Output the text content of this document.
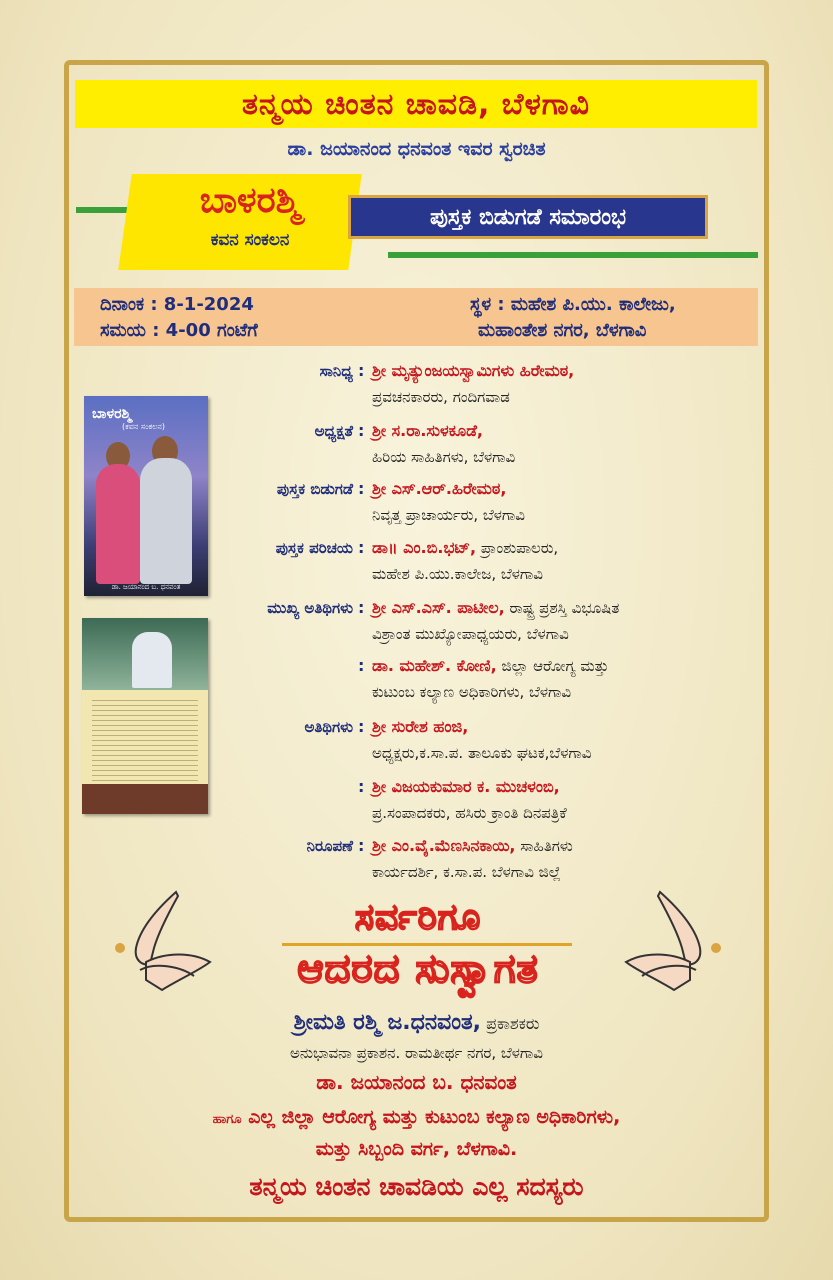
ತನ್ಮಯ ಚಿಂತನ ಚಾವಡಿ, ಬೆಳಗಾವಿ
ಡಾ. ಜಯಾನಂದ ಧನವಂತ ಇವರ ಸ್ವರಚಿತ
ಬಾಳರಶ್ಮಿ
ಕವನ ಸಂಕಲನ
ಪುಸ್ತಕ ಬಿಡುಗಡೆ ಸಮಾರಂಭ
ದಿನಾಂಕ : 8-1-2024
ಸಮಯ : 4-00 ಗಂಟೆಗೆ
ಸ್ಥಳ : ಮಹೇಶ ಪಿ.ಯು. ಕಾಲೇಜು,
ಮಹಾಂತೇಶ ನಗರ, ಬೆಳಗಾವಿ
ಬಾಳರಶ್ಮಿ
(ಕವನ ಸಂಕಲನ)
ಡಾ. ಜಯಾನಂದ ಬ. ಧನವಂತ
ಸಾನಿಧ್ಯ : ಶ್ರೀ ಮೃತ್ಯುಂಜಯಸ್ವಾಮಿಗಳು ಹಿರೇಮಠ,
ಪ್ರವಚನಕಾರರು, ಗಂದಿಗವಾಡ
ಅಧ್ಯಕ್ಷತೆ : ಶ್ರೀ ಸ.ರಾ.ಸುಳಕೂಡೆ,
ಹಿರಿಯ ಸಾಹಿತಿಗಳು, ಬೆಳಗಾವಿ
ಪುಸ್ತಕ ಬಿಡುಗಡೆ : ಶ್ರೀ ಎಸ್.ಆರ್.ಹಿರೇಮಠ,
ನಿವೃತ್ತ ಪ್ರಾಚಾರ್ಯರು, ಬೆಳಗಾವಿ
ಪುಸ್ತಕ ಪರಿಚಯ : ಡಾ॥ ಎಂ.ಬಿ.ಭಟ್, ಪ್ರಾಂಶುಪಾಲರು,
ಮಹೇಶ ಪಿ.ಯು.ಕಾಲೇಜ, ಬೆಳಗಾವಿ
ಮುಖ್ಯ ಅತಿಥಿಗಳು : ಶ್ರೀ ಎಸ್.ಎಸ್. ಪಾಟೀಲ, ರಾಷ್ಟ್ರ ಪ್ರಶಸ್ತಿ ವಿಭೂಷಿತ
ವಿಶ್ರಾಂತ ಮುಖ್ಯೋಪಾಧ್ಯಯರು, ಬೆಳಗಾವಿ
: ಡಾ. ಮಹೇಶ್. ಕೋಣಿ, ಜಿಲ್ಲಾ ಆರೋಗ್ಯ ಮತ್ತು
ಕುಟುಂಬ ಕಲ್ಯಾಣ ಅಧಿಕಾರಿಗಳು, ಬೆಳಗಾವಿ
ಅತಿಥಿಗಳು : ಶ್ರೀ ಸುರೇಶ ಹಂಜಿ,
ಅಧ್ಯಕ್ಷರು,ಕ.ಸಾ.ಪ. ತಾಲೂಕು ಘಟಕ,ಬೆಳಗಾವಿ
: ಶ್ರೀ ವಿಜಯಕುಮಾರ ಕ. ಮುಚಳಂಬಿ,
ಪ್ರ.ಸಂಪಾದಕರು, ಹಸಿರು ಕ್ರಾಂತಿ ದಿನಪತ್ರಿಕೆ
ನಿರೂಪಣೆ : ಶ್ರೀ ಎಂ.ವೈ.ಮೆಣಸಿನಕಾಯಿ, ಸಾಹಿತಿಗಳು
ಕಾರ್ಯದರ್ಶಿ, ಕ.ಸಾ.ಪ. ಬೆಳಗಾವಿ ಜಿಲ್ಲೆ
ಸರ್ವರಿಗೂ
ಆದರದ ಸುಸ್ವಾಗತ
ಶ್ರೀಮತಿ ರಶ್ಮಿ ಜ.ಧನವಂತ, ಪ್ರಕಾಶಕರು
ಅನುಭಾವನಾ ಪ್ರಕಾಶನ. ರಾಮತೀರ್ಥ ನಗರ, ಬೆಳಗಾವಿ
ಡಾ. ಜಯಾನಂದ ಬ. ಧನವಂತ
ಹಾಗೂ ಎಲ್ಲ ಜಿಲ್ಲಾ ಆರೋಗ್ಯ ಮತ್ತು ಕುಟುಂಬ ಕಲ್ಯಾಣ ಅಧಿಕಾರಿಗಳು,
ಮತ್ತು ಸಿಬ್ಬಂದಿ ವರ್ಗ, ಬೆಳಗಾವಿ.
ತನ್ಮಯ ಚಿಂತನ ಚಾವಡಿಯ ಎಲ್ಲ ಸದಸ್ಯರು
